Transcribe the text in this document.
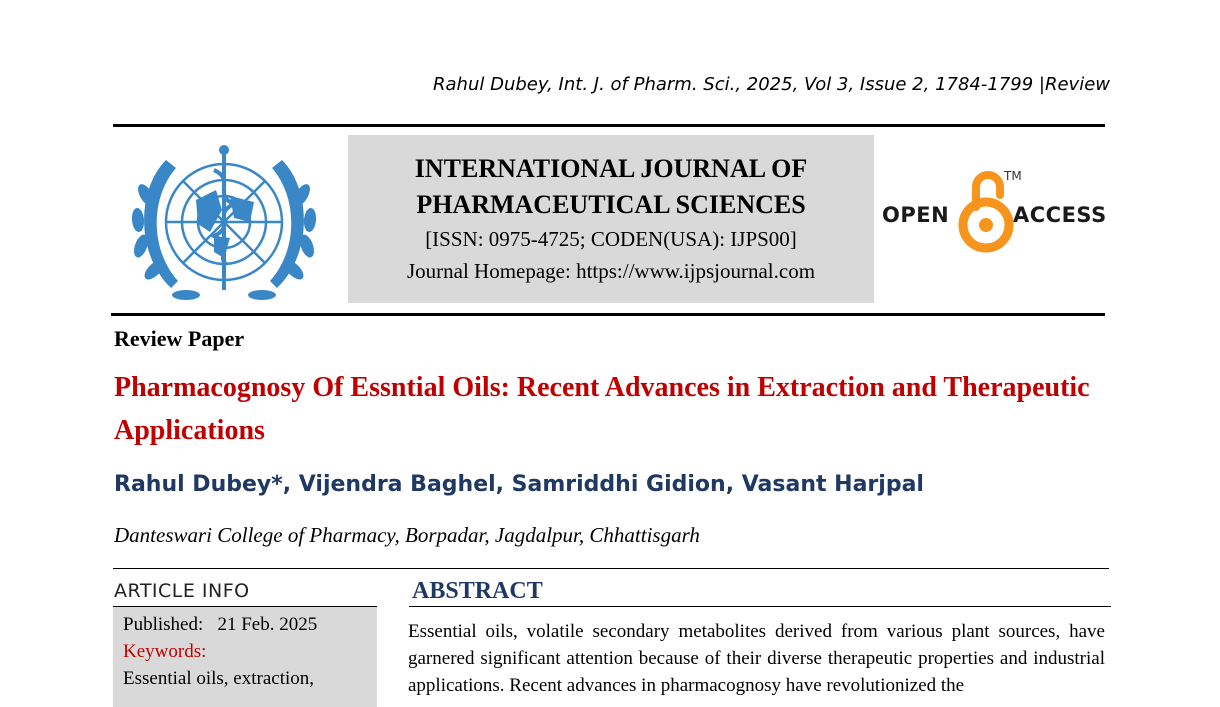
Rahul Dubey, Int. J. of Pharm. Sci., 2025, Vol 3, Issue 2, 1784-1799 |Review
INTERNATIONAL JOURNAL OF
PHARMACEUTICAL SCIENCES
[ISSN: 0975-4725; CODEN(USA): IJPS00]
Journal Homepage: https://www.ijpsjournal.com
OPEN
TM
ACCESS
Review Paper
Pharmacognosy Of Essntial Oils: Recent Advances in Extraction and Therapeutic Applications
Rahul Dubey*, Vijendra Baghel, Samriddhi Gidion, Vasant Harjpal
Danteswari College of Pharmacy, Borpadar, Jagdalpur, Chhattisgarh
ARTICLE INFO
Published: 21 Feb. 2025
Keywords:
Essential oils, extraction,
ABSTRACT
Essential oils, volatile secondary metabolites derived from various plant sources, have garnered significant attention because of their diverse therapeutic properties and industrial applications. Recent advances in pharmacognosy have revolutionized the
